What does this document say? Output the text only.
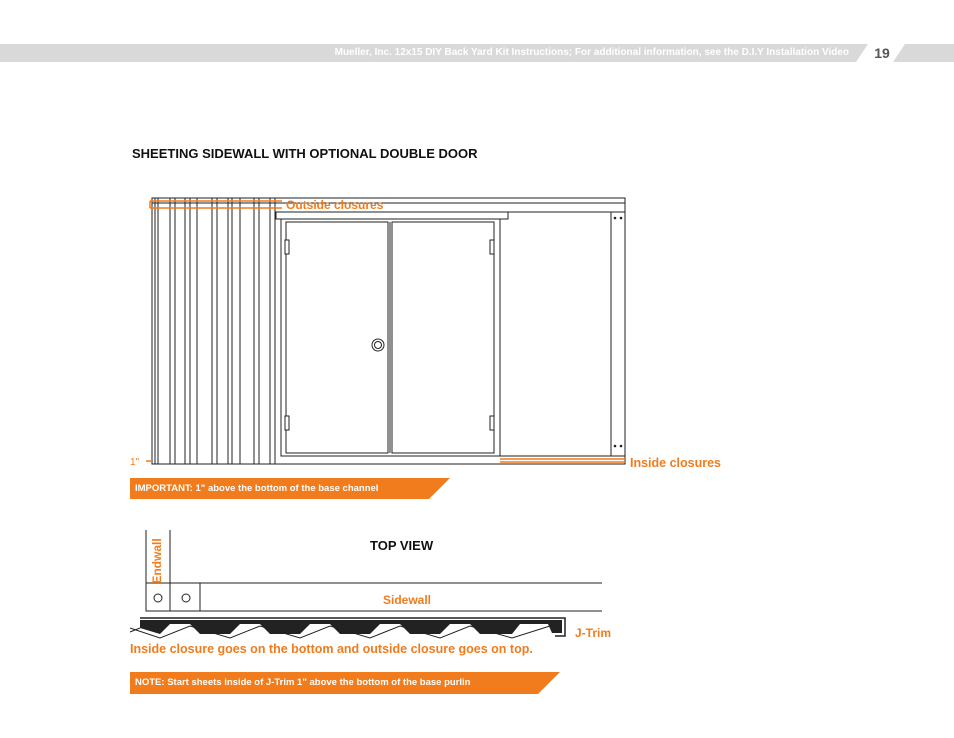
Mueller, Inc. 12x15 DIY Back Yard Kit Instructions; For additional information, see the D.I.Y Installation Video	19
SHEETING SIDEWALL WITH OPTIONAL DOUBLE DOOR
Outside closures
Inside closures
1"
IMPORTANT: 1" above the bottom of the base channel
TOP VIEW
Endwall
Sidewall
J-Trim
Inside closure goes on the bottom and outside closure goes on top.
NOTE: Start sheets inside of J-Trim 1" above the bottom of the base purlin
